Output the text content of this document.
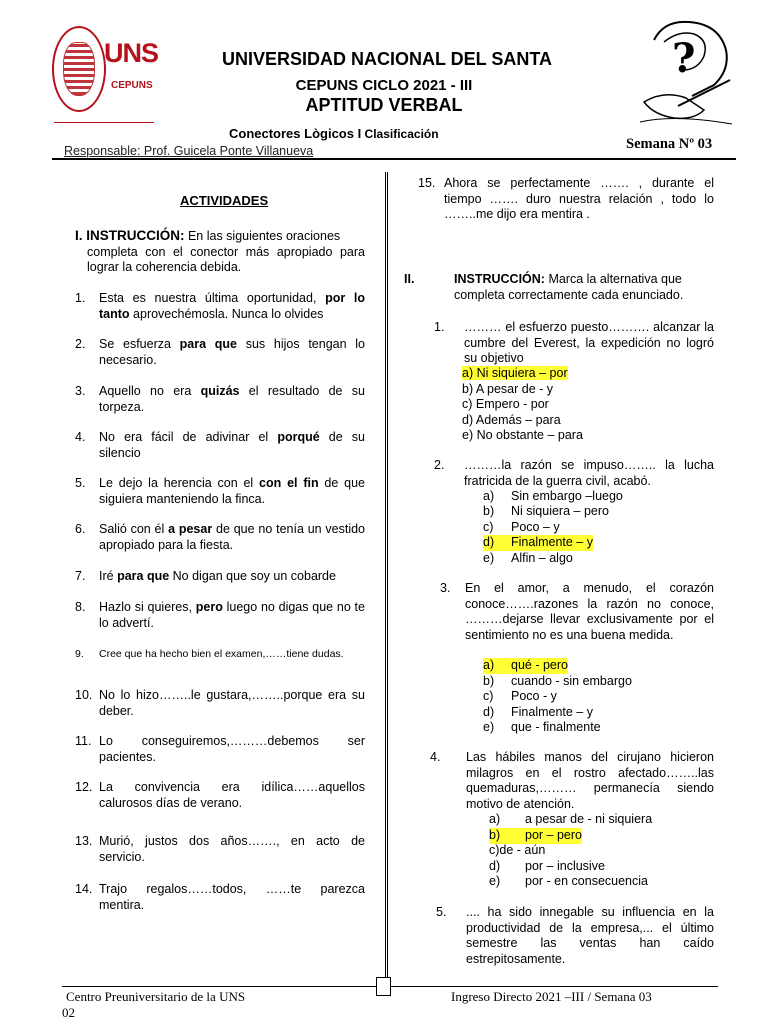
UNS
CEPUNS
UNIVERSIDAD NACIONAL DEL SANTA
CEPUNS CICLO 2021 - III
APTITUD VERBAL
Conectores Lògicos I Clasificación
Responsable: Prof. Guicela Ponte Villanueva	Semana Nº 03
?
ACTIVIDADES
I. INSTRUCCIÓN: En las siguientes oraciones
completa con el conector más apropiado para lograr la coherencia debida.
1.	Esta es nuestra última oportunidad, por lo tanto aprovechémosla. Nunca lo olvides
2.	Se esfuerza para que sus hijos tengan lo necesario.
3.	Aquello no era quizás el resultado de su torpeza.
4.	No era fácil de adivinar el porqué de su silencio
5.	Le dejo la herencia con el con el fin de que siguiera manteniendo la finca.
6.	Salió con él a pesar de que no tenía un vestido apropiado para la fiesta.
7.	Iré para que No digan que soy un cobarde
8.	Hazlo si quieres, pero luego no digas que no te lo advertí.
9.	Cree que ha hecho bien el examen,……tiene dudas.
10. No lo hizo……..le gustara,……..porque era su deber.
11. Lo conseguiremos,………debemos ser pacientes.
12. La convivencia era idílica……aquellos calurosos días de verano.
13. Murió, justos dos años……., en acto de servicio.
14. Trajo regalos……todos, ……te parezca mentira.
15. Ahora se perfectamente ……. , durante el tiempo ……. duro nuestra relación , todo lo ……..me dijo era mentira .
II.	INSTRUCCIÓN: Marca la alternativa que completa correctamente cada enunciado.
1.	……… el esfuerzo puesto………. alcanzar la cumbre del Everest, la expedición no logró su objetivo
a) Ni siquiera – por
b) A pesar de - y
c) Empero - por
d) Además – para
e) No obstante – para
2.	………la razón se impuso…….. la lucha fratricida de la guerra civil, acabó.
a)	Sin embargo –luego
b)	Ni siquiera – pero
c)	Poco – y
d)	Finalmente – y
e)	Alfin – algo
3.	En el amor, a menudo, el corazón conoce…….razones la razón no conoce, ………dejarse llevar exclusivamente por el sentimiento no es una buena medida.
a)	qué - pero
b)	cuando - sin embargo
c)	Poco - y
d)	Finalmente – y
e)	que - finalmente
4.	Las hábiles manos del cirujano hicieron milagros en el rostro afectado……..las quemaduras,……… permanecía siendo motivo de atención.
a)	a pesar de - ni siquiera
b)	por – pero
c)de - aún
d)	por – inclusive
e)	por - en consecuencia
5.	.... ha sido innegable su influencia en la productividad de la empresa,... el último semestre las ventas han caído estrepitosamente.
Centro Preuniversitario de la UNS	Ingreso Directo 2021 –III / Semana 03
02
